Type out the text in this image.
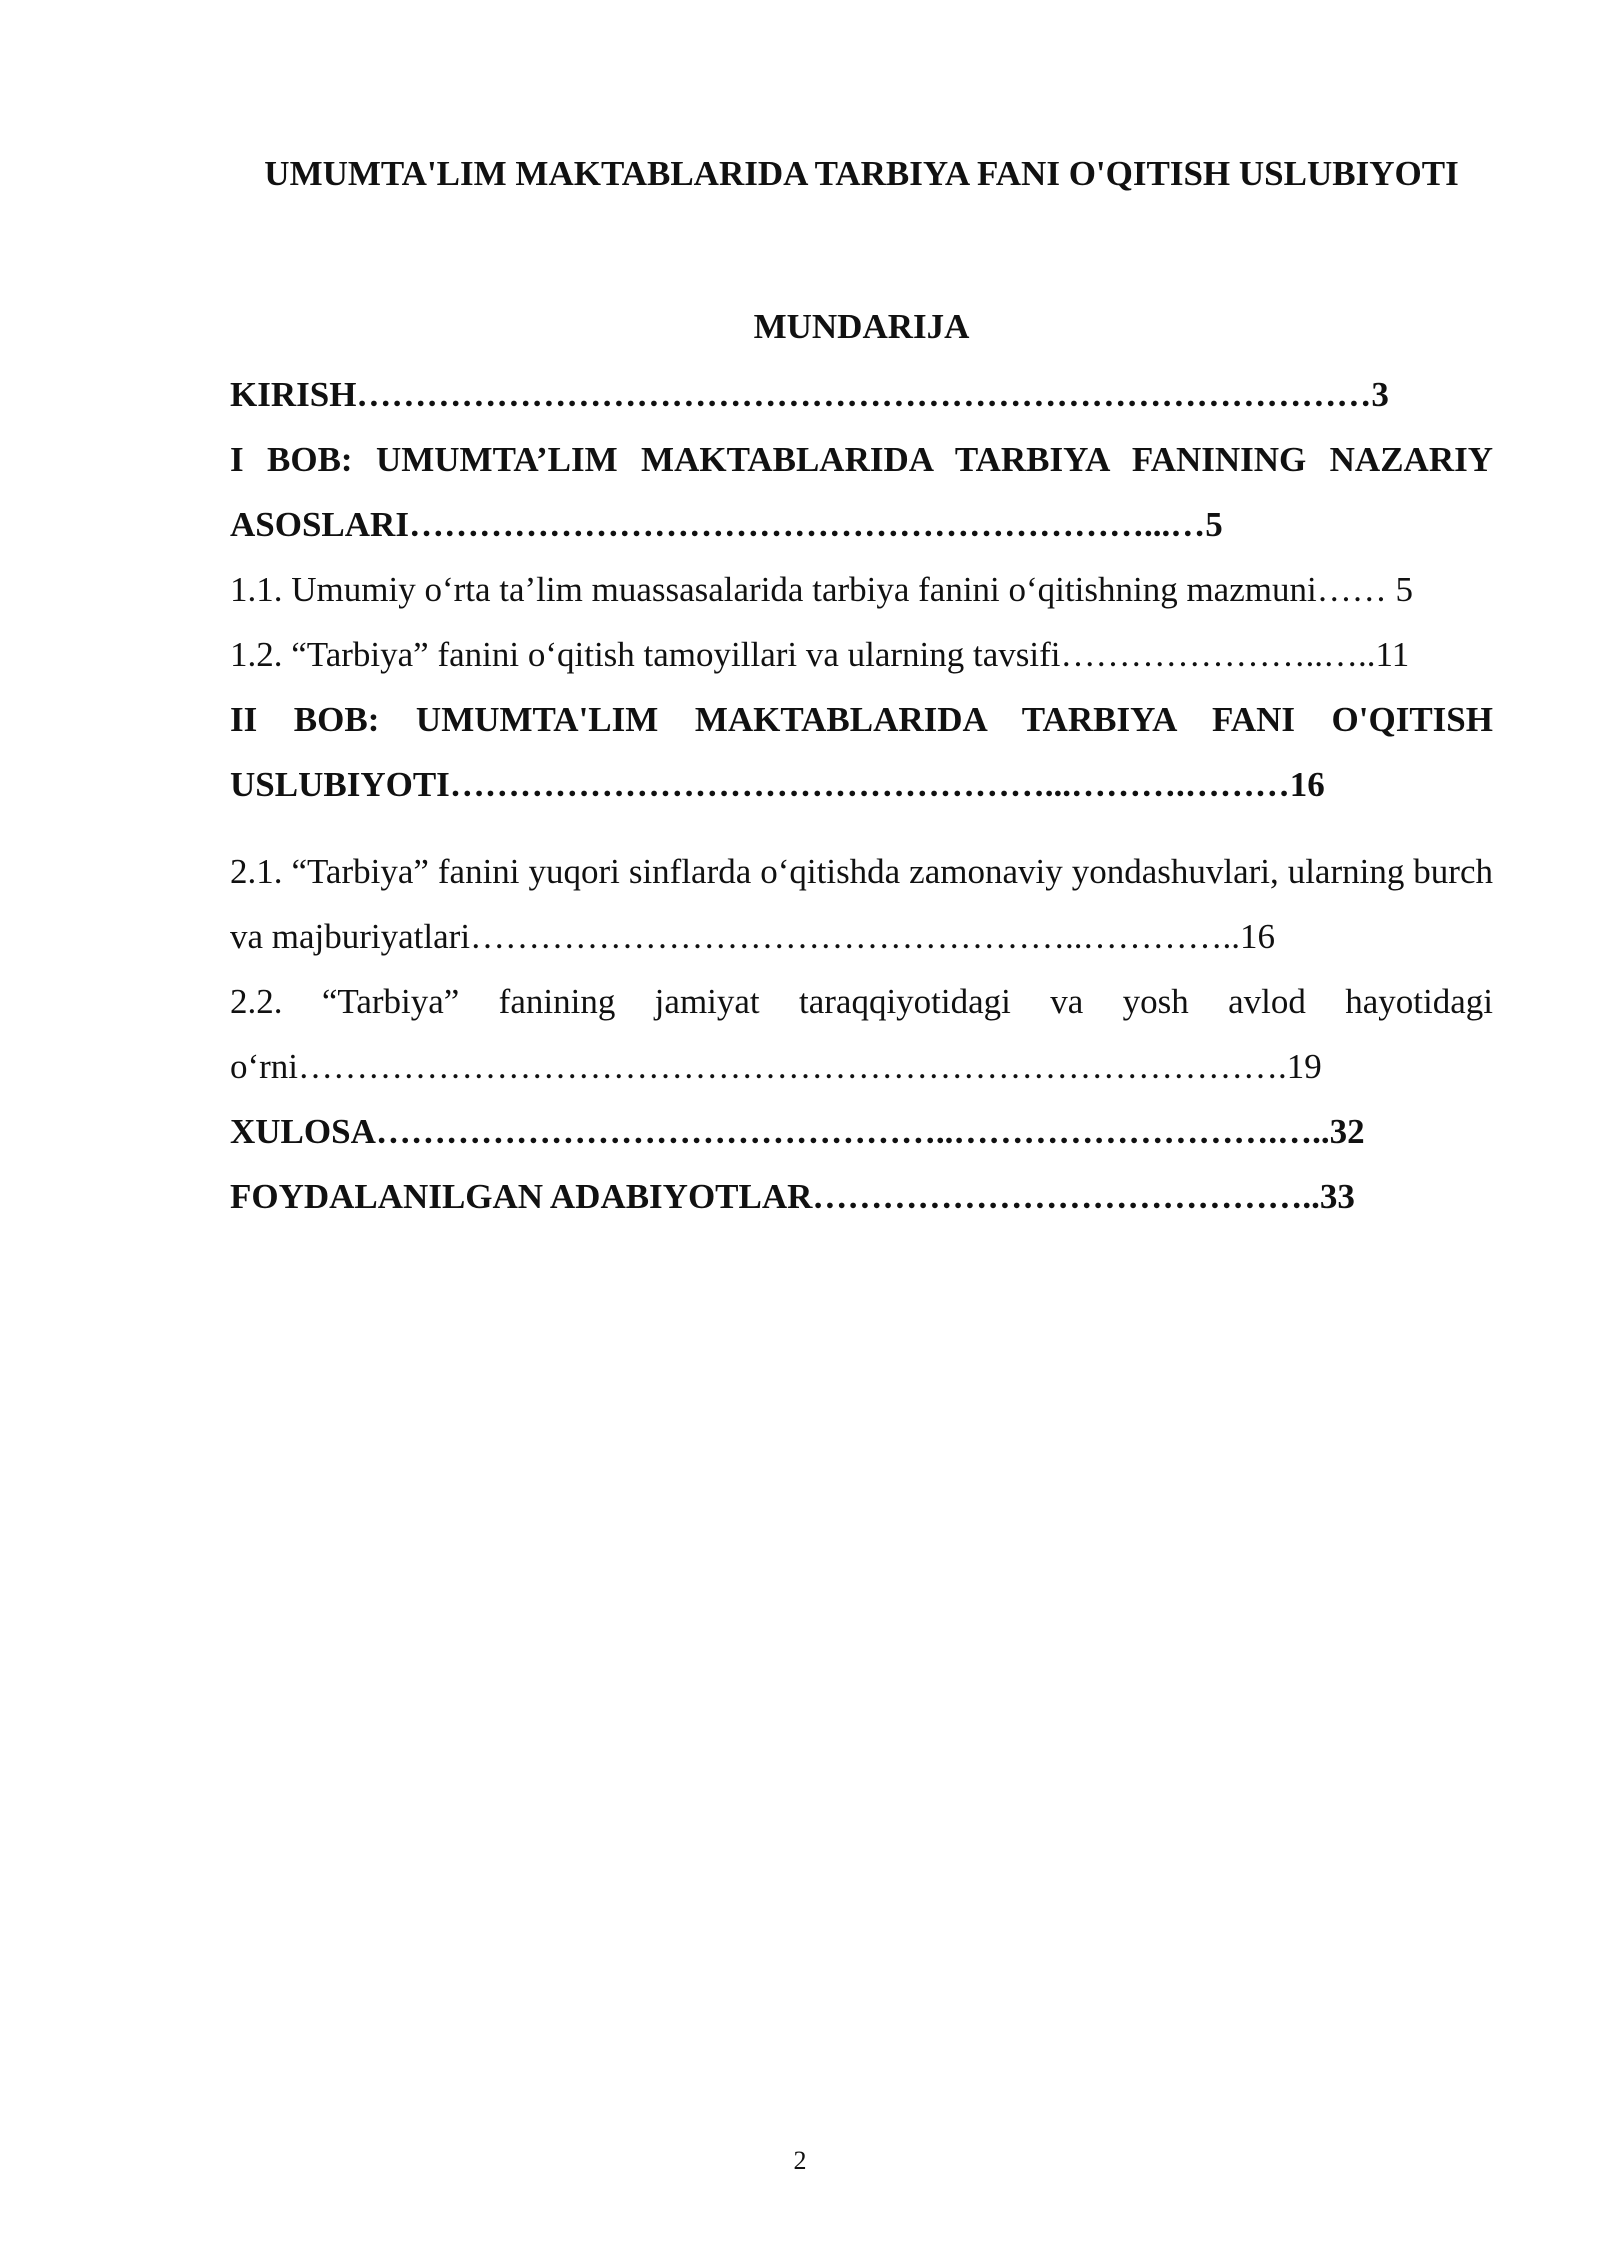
UMUMTA'LIM MAKTABLARIDA TARBIYA FANI O'QITISH USLUBIYOTI
MUNDARIJA

KIRISH……………………………………………………………………………3

I BOB: UMUMTA’LIM MAKTABLARIDA TARBIYA FANINING NAZARIY ASOSLARI………………………………………………………...…5

1.1. Umumiy o‘rta ta’lim muassasalarida tarbiya fanini o‘qitishning mazmuni…… 5

1.2. “Tarbiya” fanini o‘qitish tamoyillari va ularning tavsifi…………………..…..11

II BOB: UMUMTA'LIM MAKTABLARIDA TARBIYA FANI O'QITISH USLUBIYOTI……………………………………………...……….………16

2.1. “Tarbiya” fanini yuqori sinflarda o‘qitishda zamonaviy yondashuvlari, ularning burch va majburiyatlari……………………………………………..…………..16

2.2. “Tarbiya” fanining jamiyat taraqqiyotidagi va yosh avlod hayotidagi o‘rni………………………………………………………………………….19

XULOSA…………………………………………..……………………….…..32

FOYDALANILGAN ADABIYOTLAR……………………………………..33

2
